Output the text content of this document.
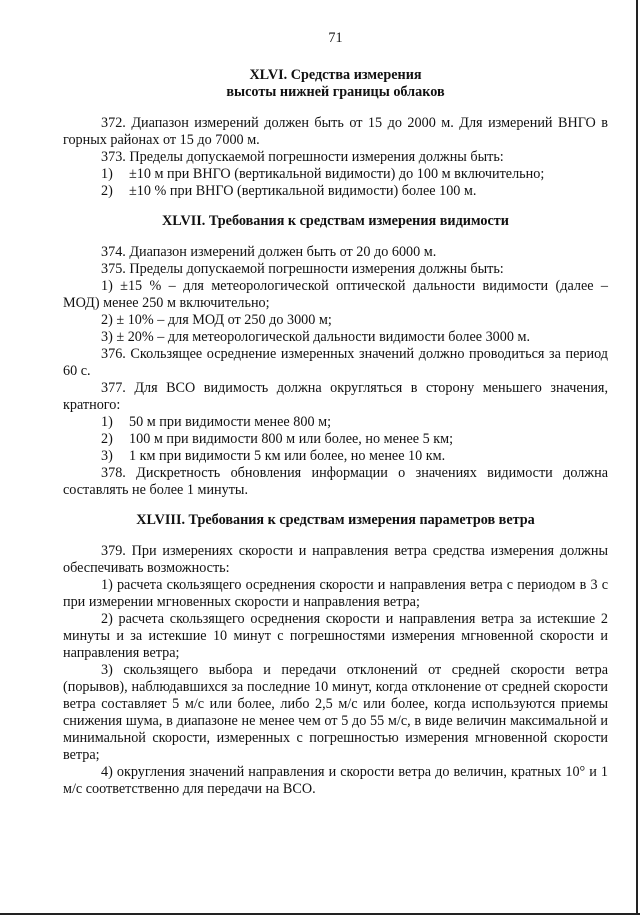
71

XLVI. Средства измерения

высоты нижней границы облаков

372. Диапазон измерений должен быть от 15 до 2000 м. Для измерений ВНГО в горных районах от 15 до 7000 м.

373. Пределы допускаемой погрешности измерения должны быть:

1) ±10 м при ВНГО (вертикальной видимости) до 100 м включительно;
2) ±10 % при ВНГО (вертикальной видимости) более 100 м.

XLVII. Требования к средствам измерения видимости

374. Диапазон измерений должен быть от 20 до 6000 м.

375. Пределы допускаемой погрешности измерения должны быть:

1) ±15 % – для метеорологической оптической дальности видимости (далее – МОД) менее 250 м включительно;

2) ± 10% – для МОД от 250 до 3000 м;

3) ± 20% – для метеорологической дальности видимости более 3000 м.

376. Скользящее осреднение измеренных значений должно проводиться за период 60 с.

377. Для ВСО видимость должна округляться в сторону меньшего значения, кратного:

1) 50 м при видимости менее 800 м;
2) 100 м при видимости 800 м или более, но менее 5 км;
3) 1 км при видимости 5 км или более, но менее 10 км.

378. Дискретность обновления информации о значениях видимости должна составлять не более 1 минуты.

XLVIII. Требования к средствам измерения параметров ветра

379. При измерениях скорости и направления ветра средства измерения должны обеспечивать возможность:

1) расчета скользящего осреднения скорости и направления ветра с периодом в 3 с при измерении мгновенных скорости и направления ветра;

2) расчета скользящего осреднения скорости и направления ветра за истекшие 2 минуты и за истекшие 10 минут с погрешностями измерения мгновенной скорости и направления ветра;

3) скользящего выбора и передачи отклонений от средней скорости ветра (порывов), наблюдавшихся за последние 10 минут, когда отклонение от средней скорости ветра составляет 5 м/с или более, либо 2,5 м/с или более, когда используются приемы снижения шума, в диапазоне не менее чем от 5 до 55 м/с, в виде величин максимальной и минимальной скорости, измеренных с погрешностью измерения мгновенной скорости ветра;

4) округления значений направления и скорости ветра до величин, кратных 10° и 1 м/с соответственно для передачи на ВСО.
